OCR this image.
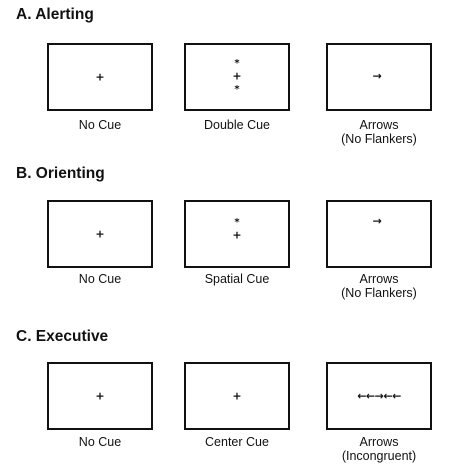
A. Alerting
+
No Cue
*
+
*
Double Cue
→
Arrows
(No Flankers)
B. Orienting
+
No Cue
*
+
Spatial Cue
→
Arrows
(No Flankers)
C. Executive
+
No Cue
+
Center Cue
←←→←←
Arrows
(Incongruent)
